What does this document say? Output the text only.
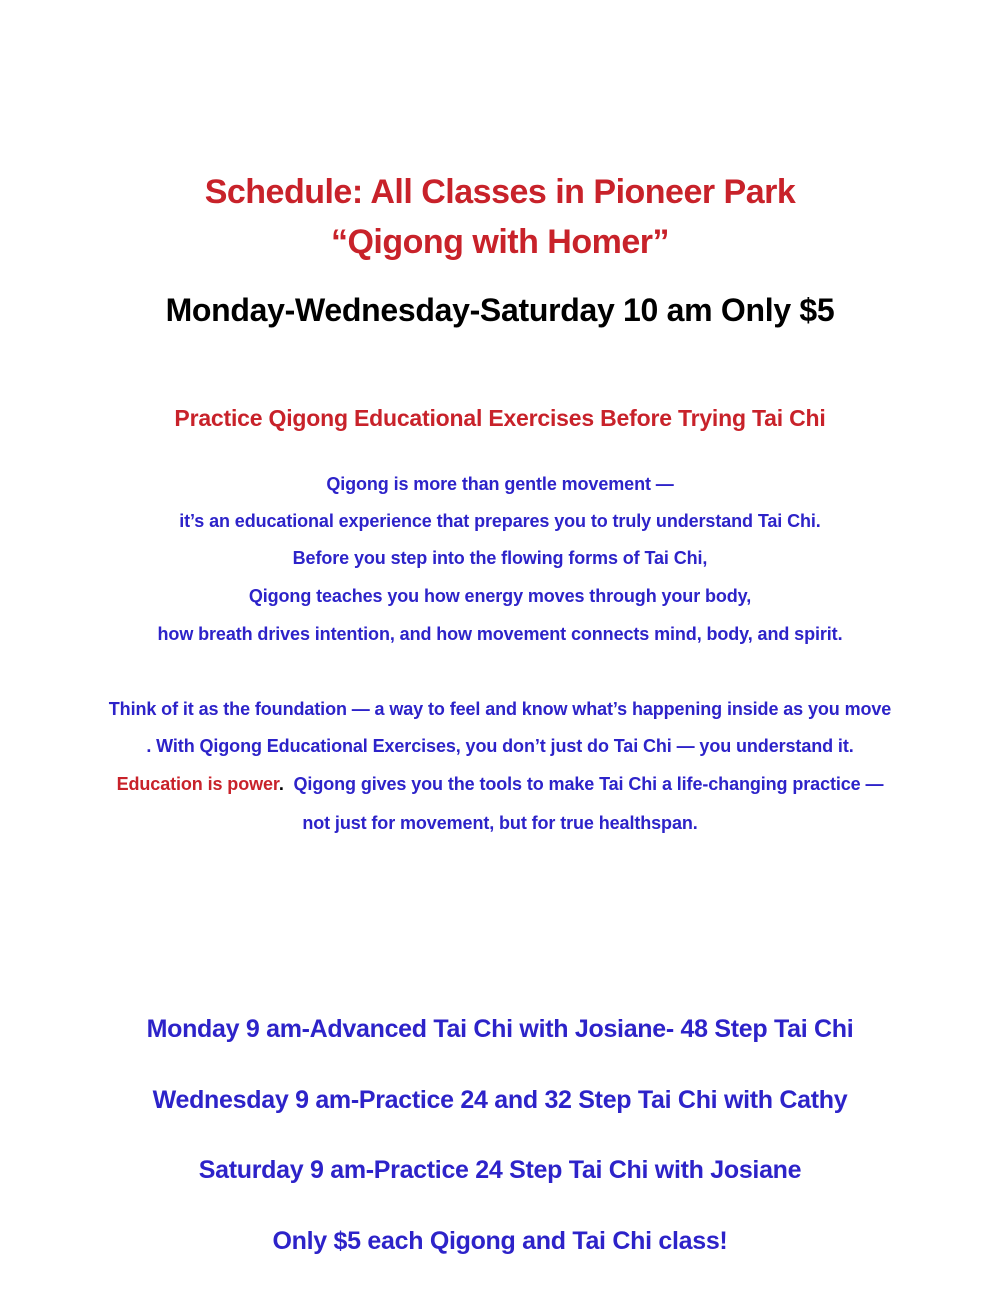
Schedule: All Classes in Pioneer Park
“Qigong with Homer”

Monday-Wednesday-Saturday 10 am Only $5

Practice Qigong Educational Exercises Before Trying Tai Chi

Qigong is more than gentle movement —

it’s an educational experience that prepares you to truly understand Tai Chi.

Before you step into the flowing forms of Tai Chi,

Qigong teaches you how energy moves through your body,

how breath drives intention, and how movement connects mind, body, and spirit.

Think of it as the foundation — a way to feel and know what’s happening inside as you move

. With Qigong Educational Exercises, you don’t just do Tai Chi — you understand it.

Education is power.  Qigong gives you the tools to make Tai Chi a life-changing practice —

not just for movement, but for true healthspan.

Monday 9 am-Advanced Tai Chi with Josiane- 48 Step Tai Chi

Wednesday 9 am-Practice 24 and 32 Step Tai Chi with Cathy

Saturday 9 am-Practice 24 Step Tai Chi with Josiane

Only $5 each Qigong and Tai Chi class!
